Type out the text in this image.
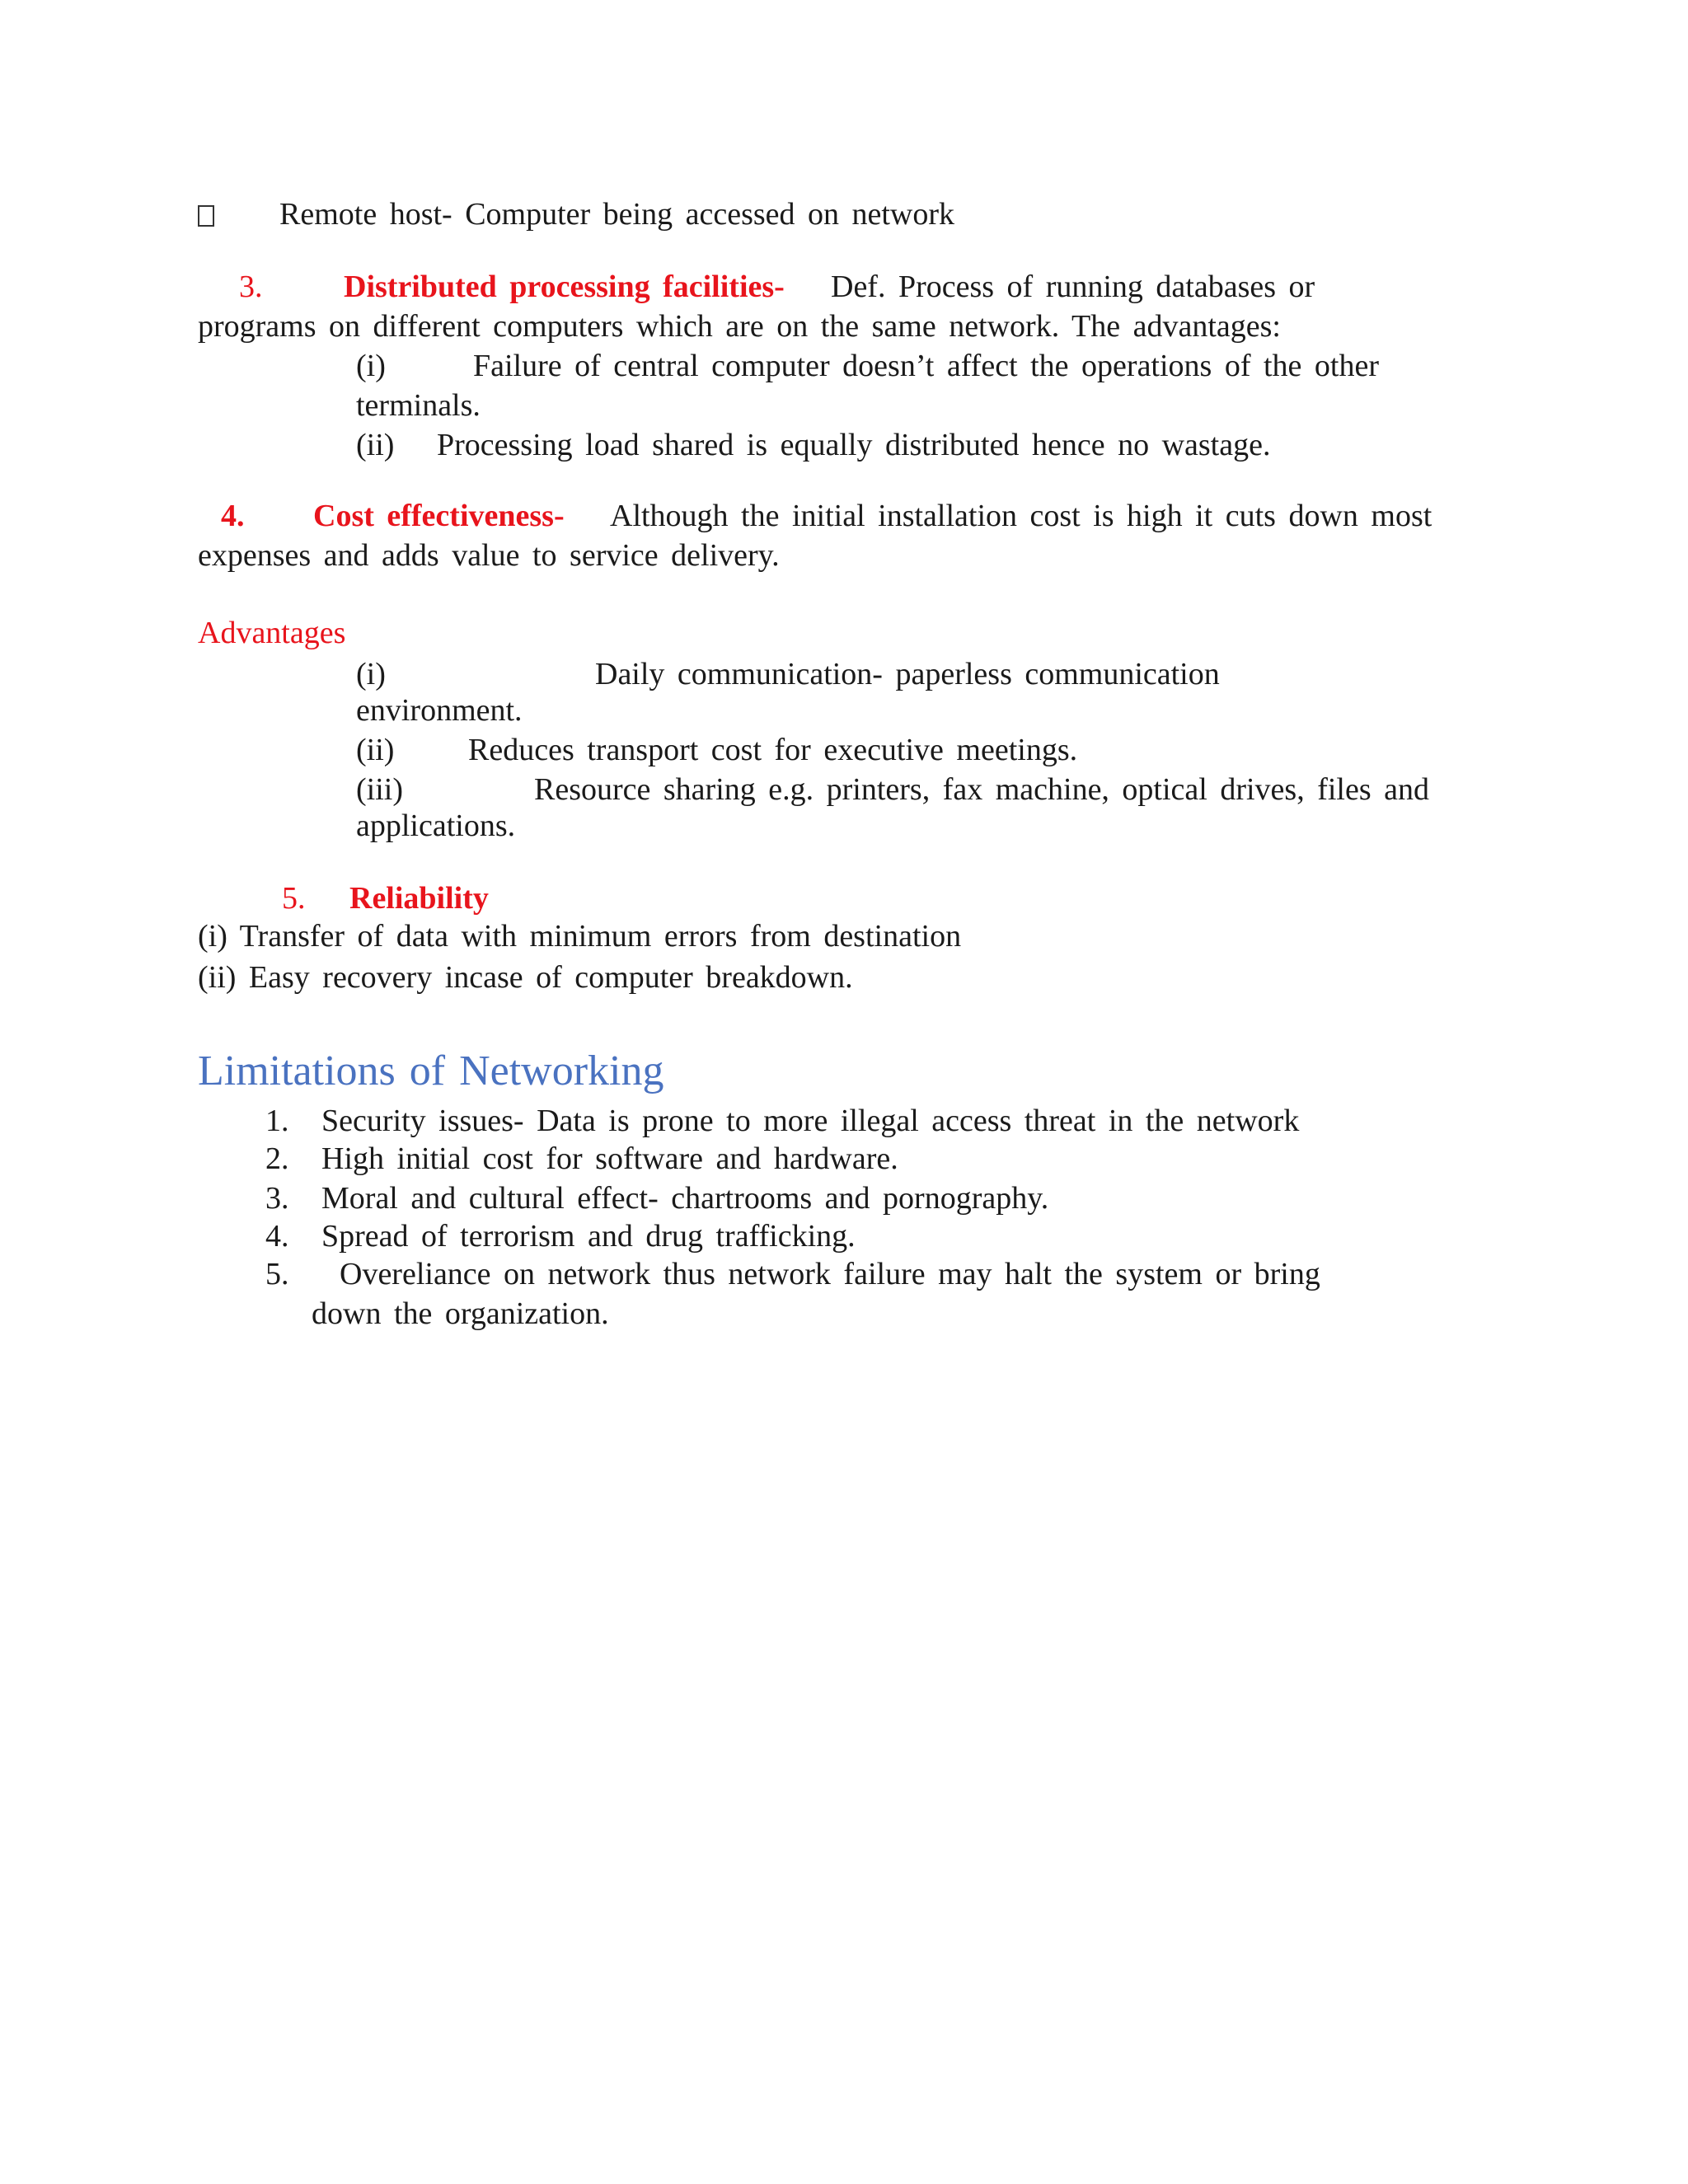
Remote host- Computer being accessed on network
3.	Distributed processing facilities- Def. Process of running databases or
programs on different computers which are on the same network. The advantages:
(i)	Failure of central computer doesn’t affect the operations of the other
terminals.
(ii) Processing load shared is equally distributed hence no wastage.
4. Cost effectiveness- Although the initial installation cost is high it cuts down most
expenses and adds value to service delivery.
Advantages
(i)	Daily communication- paperless communication
environment.
(ii) Reduces transport cost for executive meetings.
(iii)	Resource sharing e.g. printers, fax machine, optical drives, files and
applications.
5. Reliability
(i) Transfer of data with minimum errors from destination
(ii) Easy recovery incase of computer breakdown.
Limitations of Networking
1. Security issues- Data is prone to more illegal access threat in the network
2. High initial cost for software and hardware.
3. Moral and cultural effect- chartrooms and pornography.
4. Spread of terrorism and drug trafficking.
5. Overeliance on network thus network failure may halt the system or bring
down the organization.
